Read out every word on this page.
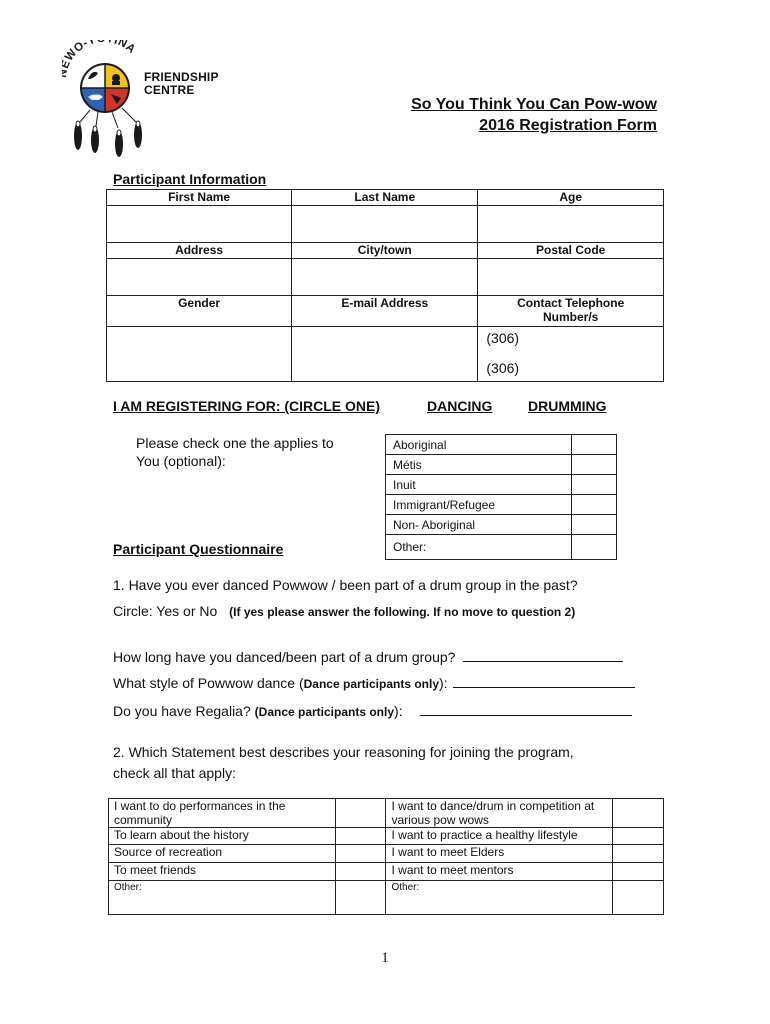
WO-Y INA
FRIENDSHIP
CENTRE
So You Think You Can Pow-wow
2016 Registration Form
Participant Information
First Name	Last Name	Age

Address	City/town	Postal Code

Gender	E-mail Address	Contact Telephone Number/s

		(306)
(306)
I AM REGISTERING FOR: (CIRCLE ONE)	DANCING	DRUMMING
Please check one the applies to
You (optional):
Aboriginal	
Métis	
Inuit	
Immigrant/Refugee	
Non- Aboriginal	
Other:	
Participant Questionnaire
1. Have you ever danced Powwow / been part of a drum group in the past?
Circle: Yes or No (If yes please answer the following. If no move to question 2)
How long have you danced/been part of a drum group?
What style of Powwow dance (Dance participants only):
Do you have Regalia? (Dance participants only):
2. Which Statement best describes your reasoning for joining the program,
check all that apply:
I want to do performances in the community		I want to dance/drum in competition at various pow wows	
To learn about the history		I want to practice a healthy lifestyle	
Source of recreation		I want to meet Elders	
To meet friends		I want to meet mentors	
Other:		Other:	
1
